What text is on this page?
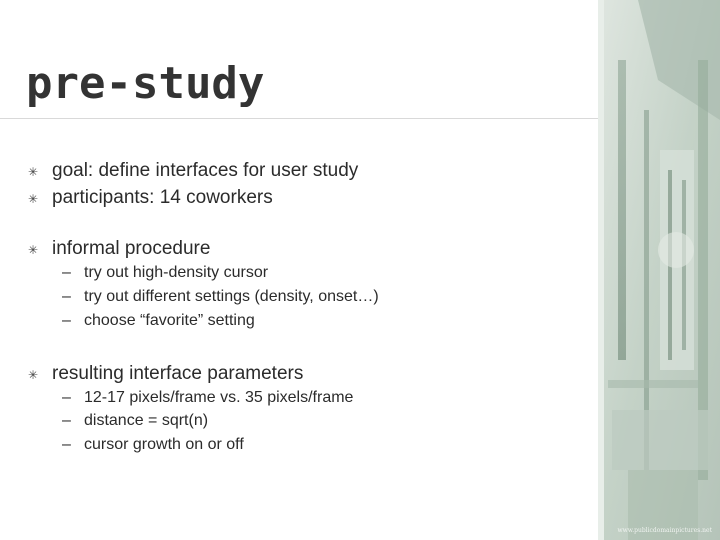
pre-study
✳ goal: define interfaces for user study
✳ participants: 14 coworkers
✳ informal procedure
– try out high-density cursor
– try out different settings (density, onset…)
– choose “favorite” setting
✳ resulting interface parameters
– 12-17 pixels/frame vs. 35 pixels/frame
– distance = sqrt(n)
– cursor growth on or off
www.publicdomainpictures.net
